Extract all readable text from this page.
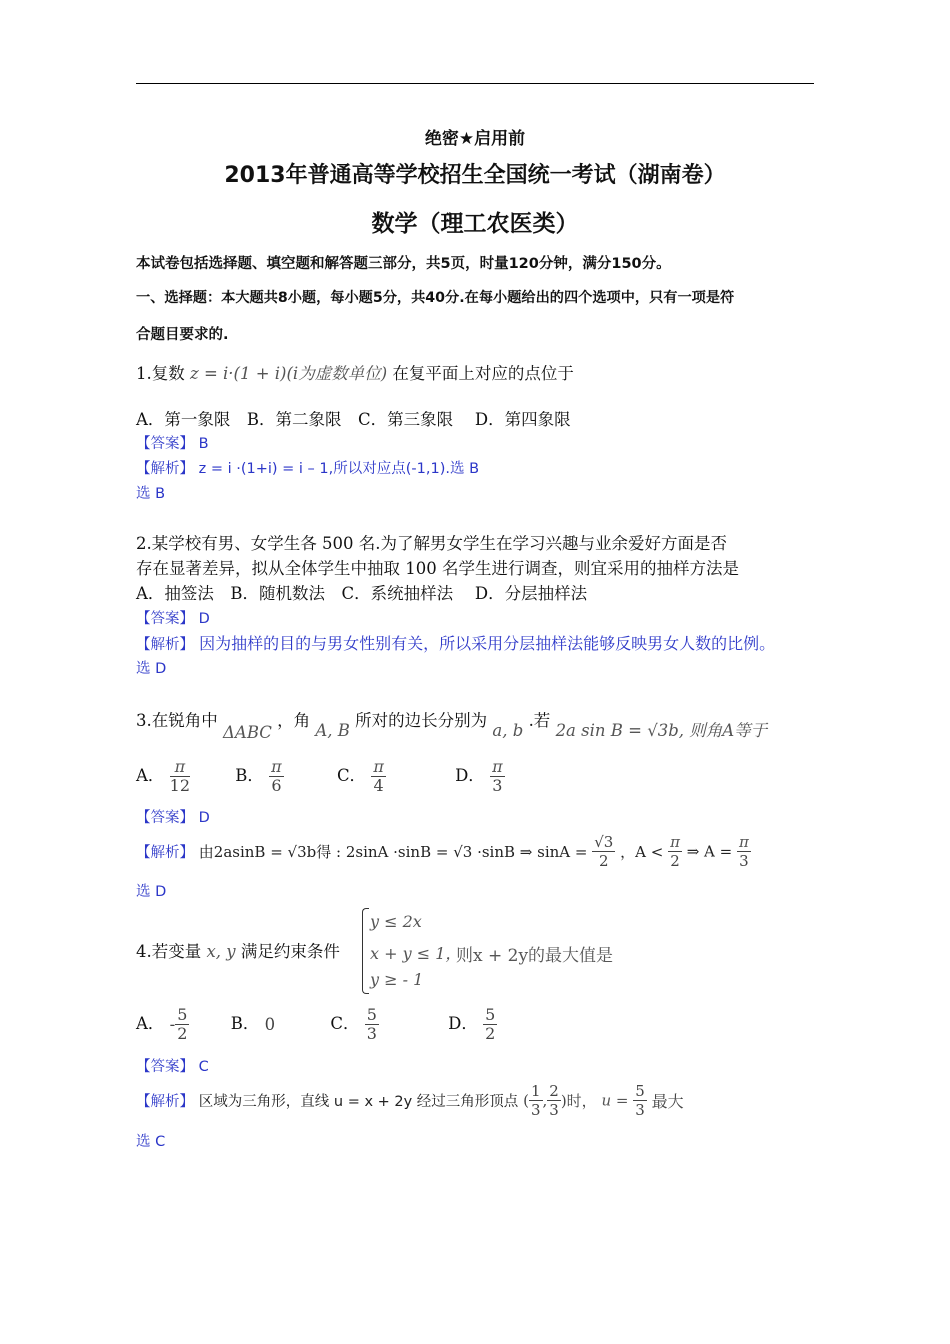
绝密★启用前
2013年普通高等学校招生全国统一考试（湖南卷）
数学（理工农医类）
本试卷包括选择题、填空题和解答题三部分，共5页，时量120分钟，满分150分。
一、选择题：本大题共8小题，每小题5分，共40分.在每小题给出的四个选项中，只有一项是符
合题目要求的.
1.复数 z = i·(1 + i)(i为虚数单位) 在复平面上对应的点位于
A．第一象限　B．第二象限　C．第三象限　 D．第四象限
【答案】 B
【解析】 z = i ·(1+i) = i – 1,所以对应点(-1,1).选 B
选 B
2.某学校有男、女学生各 500 名.为了解男女学生在学习兴趣与业余爱好方面是否
存在显著差异，拟从全体学生中抽取 100 名学生进行调查，则宜采用的抽样方法是
A．抽签法　B．随机数法　C．系统抽样法　 D．分层抽样法
【答案】 D
【解析】 因为抽样的目的与男女性别有关，所以采用分层抽样法能够反映男女人数的比例。
选 D
3.在锐角中 ΔABC ，角 A, B 所对的边长分别为 a, b .若 2a sin B = √3b, 则角A等于
A． $\frac{\pi}{12}$	B． $\frac{\pi}{6}$	C． $\frac{\pi}{4}$	D． $\frac{\pi}{3}$
【答案】 D
【解析】 由2asinB = √3b得 : 2sinA ·sinB = √3 ·sinB ⇒ $\sin A = \frac{√3}{2}$ ，$A < \frac{\pi}{2}$ ⇒ $A = \frac{\pi}{3}$
选 D
4.若变量 x, y 满足约束条件
y ≤ 2x
x + y ≤ 1，
y ≥ - 1
则x + 2y的最大值是
A． - $\frac{5}{2}$	B． 0	C． $\frac{5}{3}$	D． $\frac{5}{2}$
【答案】 C
【解析】 区域为三角形，直线 u = x + 2y 经过三角形顶点 ( $\frac{1}{3}$ , $\frac{2}{3}$ )时， $u = \frac{5}{3}$ 最大
选 C
